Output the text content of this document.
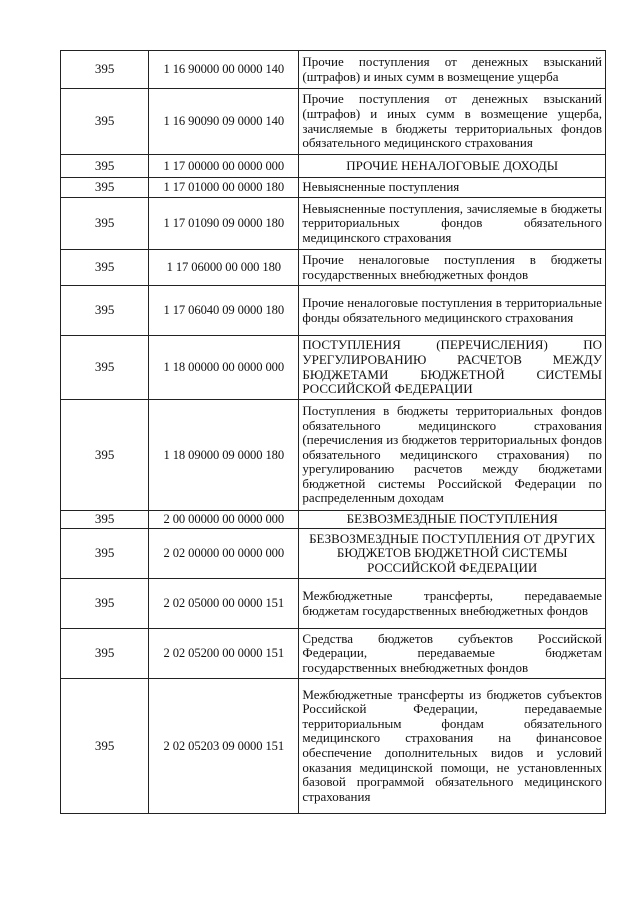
395	1 16 90000 00 0000 140	Прочие поступления от денежных взысканий (штрафов) и иных сумм в возмещение ущерба
395	1 16 90090 09 0000 140	Прочие поступления от денежных взысканий (штрафов) и иных сумм в возмещение ущерба, зачисляемые в бюджеты территориальных фондов обязательного медицинского страхования
395	1 17 00000 00 0000 000	ПРОЧИЕ НЕНАЛОГОВЫЕ ДОХОДЫ
395	1 17 01000 00 0000 180	Невыясненные поступления
395	1 17 01090 09 0000 180	Невыясненные поступления, зачисляемые в бюджеты территориальных фондов обязательного медицинского страхования
395	1 17 06000 00 000 180	Прочие неналоговые поступления в бюджеты государственных внебюджетных фондов
395	1 17 06040 09 0000 180	Прочие неналоговые поступления в территориальные фонды обязательного медицинского страхования
395	1 18 00000 00 0000 000	ПОСТУПЛЕНИЯ (ПЕРЕЧИСЛЕНИЯ) ПО УРЕГУЛИРОВАНИЮ РАСЧЕТОВ МЕЖДУ БЮДЖЕТАМИ БЮДЖЕТНОЙ СИСТЕМЫ РОССИЙСКОЙ ФЕДЕРАЦИИ
395	1 18 09000 09 0000 180	Поступления в бюджеты территориальных фондов обязательного медицинского страхования (перечисления из бюджетов территориальных фондов обязательного медицинского страхования) по урегулированию расчетов между бюджетами бюджетной системы Российской Федерации по распределенным доходам
395	2 00 00000 00 0000 000	БЕЗВОЗМЕЗДНЫЕ ПОСТУПЛЕНИЯ
395	2 02 00000 00 0000 000	БЕЗВОЗМЕЗДНЫЕ ПОСТУПЛЕНИЯ ОТ ДРУГИХ БЮДЖЕТОВ БЮДЖЕТНОЙ СИСТЕМЫ РОССИЙСКОЙ ФЕДЕРАЦИИ
395	2 02 05000 00 0000 151	Межбюджетные трансферты, передаваемые бюджетам государственных внебюджетных фондов
395	2 02 05200 00 0000 151	Средства бюджетов субъектов Российской Федерации, передаваемые бюджетам государственных внебюджетных фондов
395	2 02 05203 09 0000 151	Межбюджетные трансферты из бюджетов субъектов Российской Федерации, передаваемые территориальным фондам обязательного медицинского страхования на финансовое обеспечение дополнительных видов и условий оказания медицинской помощи, не установленных базовой программой обязательного медицинского страхования
